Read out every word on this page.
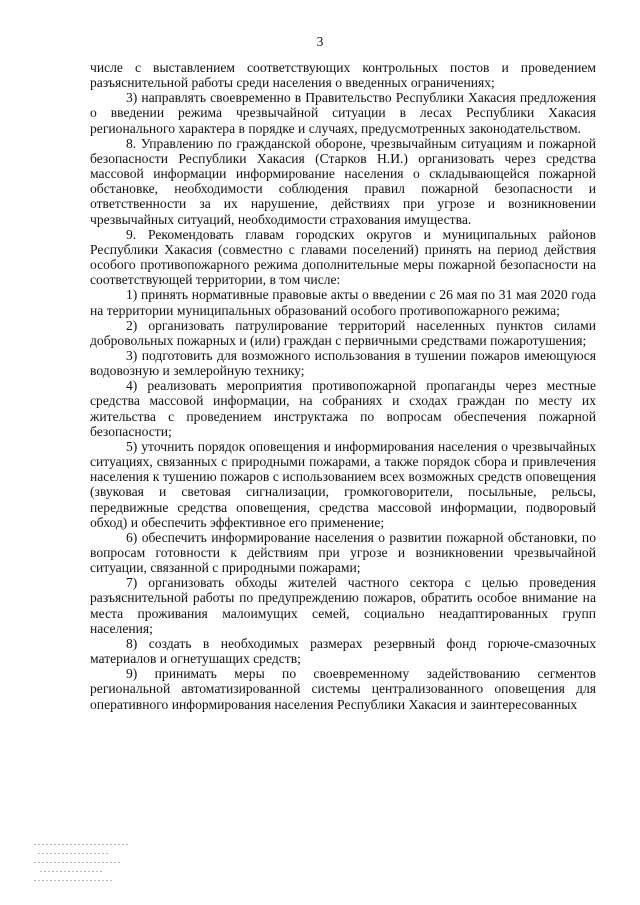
3

числе с выставлением соответствующих контрольных постов и проведением разъяснительной работы среди населения о введенных ограничениях;

3) направлять своевременно в Правительство Республики Хакасия предложения о введении режима чрезвычайной ситуации в лесах Республики Хакасия регионального характера в порядке и случаях, предусмотренных законодательством.

8. Управлению по гражданской обороне, чрезвычайным ситуациям и пожарной безопасности Республики Хакасия (Старков Н.И.) организовать через средства массовой информации информирование населения о складывающейся пожарной обстановке, необходимости соблюдения правил пожарной безопасности и ответственности за их нарушение, действиях при угрозе и возникновении чрезвычайных ситуаций, необходимости страхования имущества.

9. Рекомендовать главам городских округов и муниципальных районов Республики Хакасия (совместно с главами поселений) принять на период действия особого противопожарного режима дополнительные меры пожарной безопасности на соответствующей территории, в том числе:

1) принять нормативные правовые акты о введении с 26 мая по 31 мая 2020 года на территории муниципальных образований особого противопожарного режима;

2) организовать патрулирование территорий населенных пунктов силами добровольных пожарных и (или) граждан с первичными средствами пожаротушения;

3) подготовить для возможного использования в тушении пожаров имеющуюся водовозную и землеройную технику;

4) реализовать мероприятия противопожарной пропаганды через местные средства массовой информации, на собраниях и сходах граждан по месту их жительства с проведением инструктажа по вопросам обеспечения пожарной безопасности;

5) уточнить порядок оповещения и информирования населения о чрезвычайных ситуациях, связанных с природными пожарами, а также порядок сбора и привлечения населения к тушению пожаров с использованием всех возможных средств оповещения (звуковая и световая сигнализации, громкоговорители, посыльные, рельсы, передвижные средства оповещения, средства массовой информации, подворовый обход) и обеспечить эффективное его применение;

6) обеспечить информирование населения о развитии пожарной обстановки, по вопросам готовности к действиям при угрозе и возникновении чрезвычайной ситуации, связанной с природными пожарами;

7) организовать обходы жителей частного сектора с целью проведения разъяснительной работы по предупреждению пожаров, обратить особое внимание на места проживания малоимущих семей, социально неадаптированных групп населения;

8) создать в необходимых размерах резервный фонд горюче-смазочных материалов и огнетушащих средств;

9) принимать меры по своевременному задействованию сегментов региональной автоматизированной системы централизованного оповещения для оперативного информирования населения Республики Хакасия и заинтересованных
